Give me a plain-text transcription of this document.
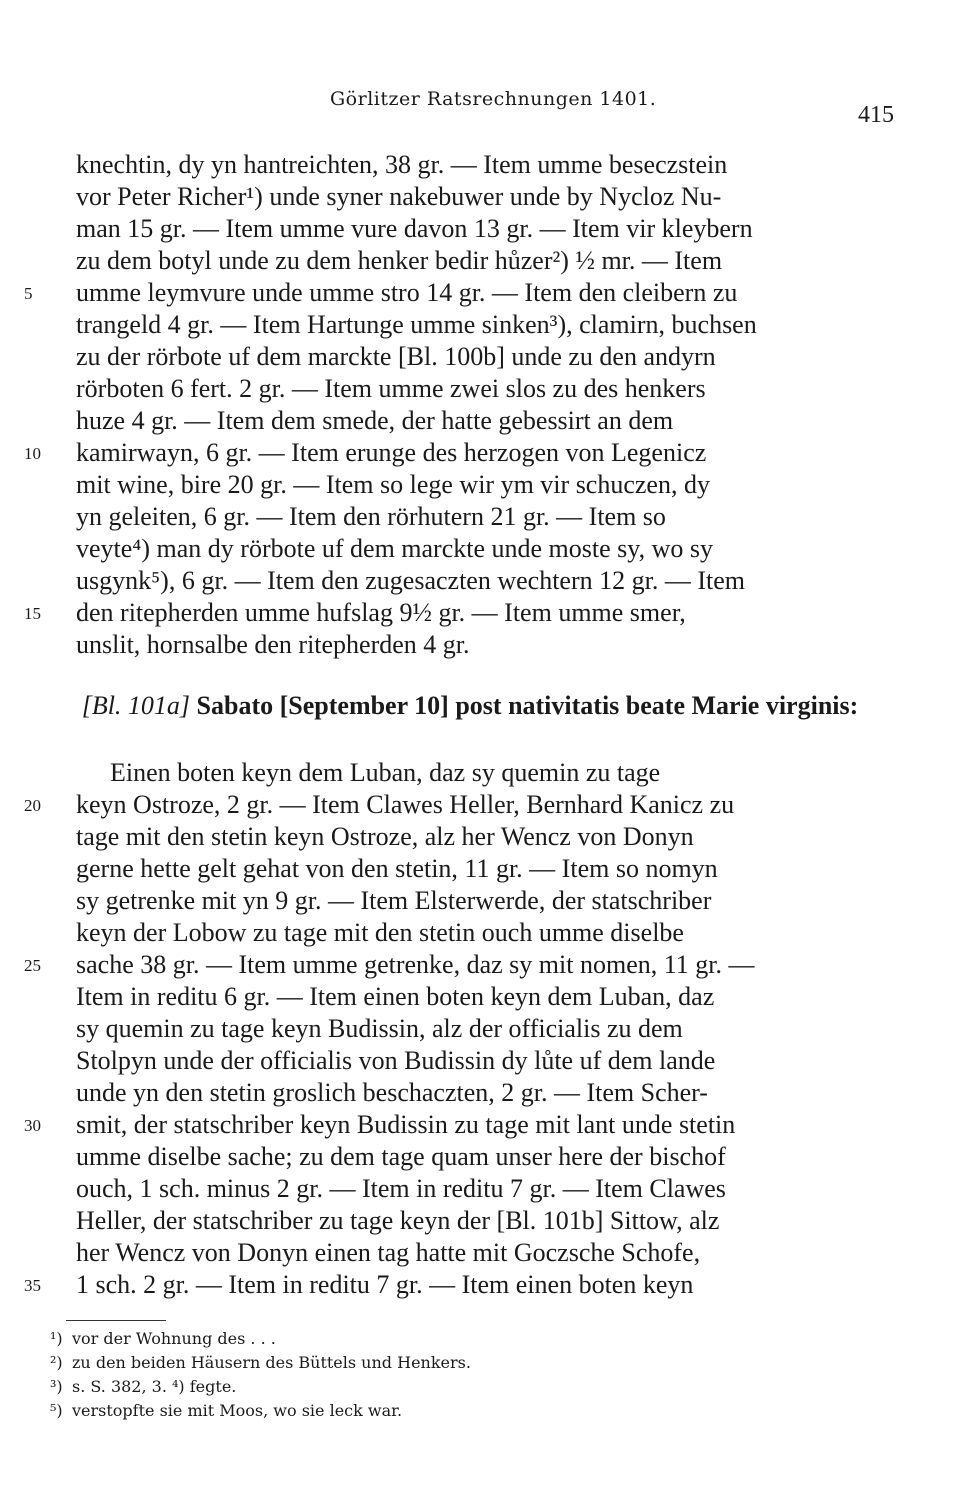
Görlitzer Ratsrechnungen 1401.
415
knechtin, dy yn hantreichten, 38 gr. — Item umme beseczstein
vor Peter Richer¹) unde syner nakebuwer unde by Nycloz Nu-
man 15 gr. — Item umme vure davon 13 gr. — Item vir kleybern
zu dem botyl unde zu dem henker bedir hůzer²) ½ mr. — Item
umme leymvure unde umme stro 14 gr. — Item den cleibern zu
trangeld 4 gr. — Item Hartunge umme sinken³), clamirn, buchsen
zu der rörbote uf dem marckte [Bl. 100b] unde zu den andyrn
rörboten 6 fert. 2 gr. — Item umme zwei slos zu des henkers
huze 4 gr. — Item dem smede, der hatte gebessirt an dem
kamirwayn, 6 gr. — Item erunge des herzogen von Legenicz
mit wine, bire 20 gr. — Item so lege wir ym vir schuczen, dy
yn geleiten, 6 gr. — Item den rörhutern 21 gr. — Item so
veyte⁴) man dy rörbote uf dem marckte unde moste sy, wo sy
usgynk⁵), 6 gr. — Item den zugesaczten wechtern 12 gr. — Item
den ritepherden umme hufslag 9½ gr. — Item umme smer,
unslit, hornsalbe den ritepherden 4 gr.
5
10
15
[Bl. 101a] Sabato [September 10] post nativitatis beate Marie virginis:
Einen boten keyn dem Luban, daz sy quemin zu tage
keyn Ostroze, 2 gr. — Item Clawes Heller, Bernhard Kanicz zu
tage mit den stetin keyn Ostroze, alz her Wencz von Donyn
gerne hette gelt gehat von den stetin, 11 gr. — Item so nomyn
sy getrenke mit yn 9 gr. — Item Elsterwerde, der statschriber
keyn der Lobow zu tage mit den stetin ouch umme diselbe
sache 38 gr. — Item umme getrenke, daz sy mit nomen, 11 gr. —
Item in reditu 6 gr. — Item einen boten keyn dem Luban, daz
sy quemin zu tage keyn Budissin, alz der officialis zu dem
Stolpyn unde der officialis von Budissin dy lůte uf dem lande
unde yn den stetin groslich beschaczten, 2 gr. — Item Scher-
smit, der statschriber keyn Budissin zu tage mit lant unde stetin
umme diselbe sache; zu dem tage quam unser here der bischof
ouch, 1 sch. minus 2 gr. — Item in reditu 7 gr. — Item Clawes
Heller, der statschriber zu tage keyn der [Bl. 101b] Sittow, alz
her Wencz von Donyn einen tag hatte mit Goczsche Schofe,
1 sch. 2 gr. — Item in reditu 7 gr. — Item einen boten keyn
20
25
30
35
¹) vor der Wohnung des . . .
²) zu den beiden Häusern des Büttels und Henkers.
³) s. S. 382, 3. ⁴) fegte.
⁵) verstopfte sie mit Moos, wo sie leck war.
